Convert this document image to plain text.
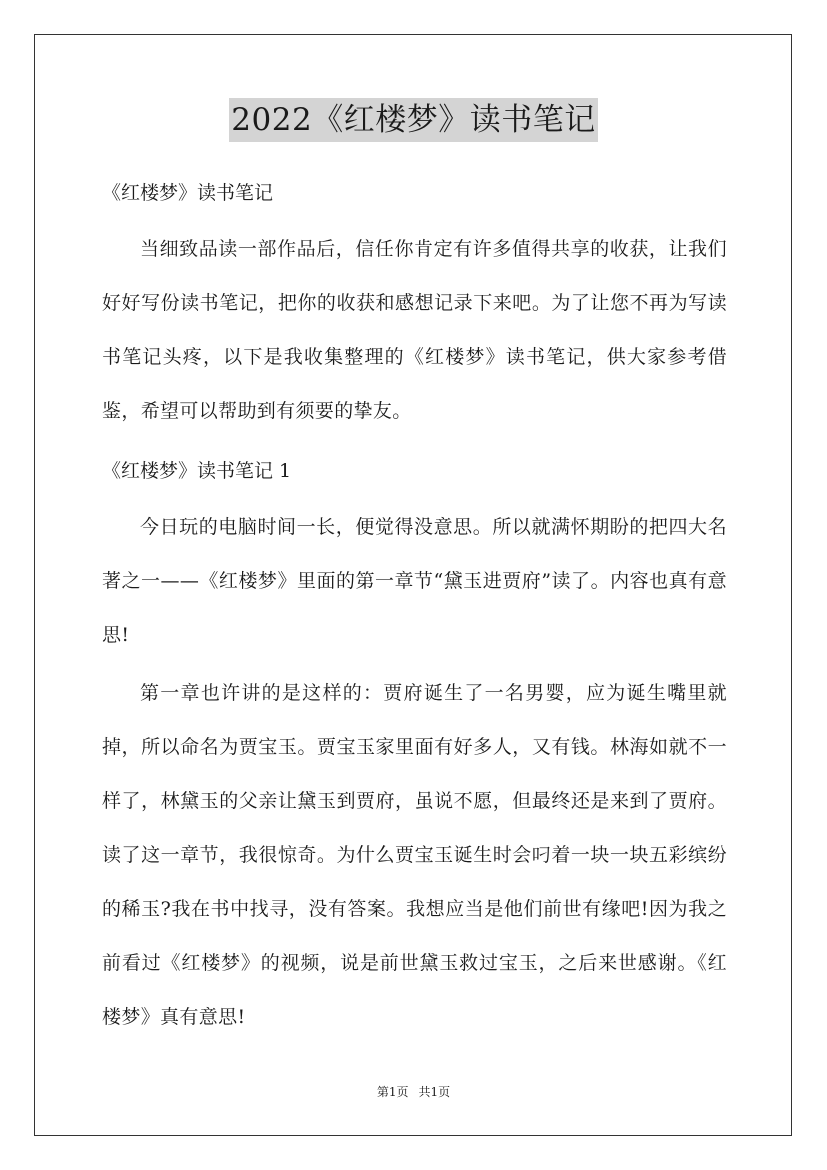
2022《红楼梦》读书笔记

《红楼梦》读书笔记

当细致品读一部作品后，信任你肯定有许多值得共享的收获，让我们好好写份读书笔记，把你的收获和感想记录下来吧。为了让您不再为写读书笔记头疼，以下是我收集整理的《红楼梦》读书笔记，供大家参考借鉴，希望可以帮助到有须要的挚友。

《红楼梦》读书笔记 1

今日玩的电脑时间一长，便觉得没意思。所以就满怀期盼的把四大名著之一——《红楼梦》里面的第一章节“黛玉进贾府”读了。内容也真有意思!

第一章也许讲的是这样的：贾府诞生了一名男婴，应为诞生嘴里就掉，所以命名为贾宝玉。贾宝玉家里面有好多人，又有钱。林海如就不一样了，林黛玉的父亲让黛玉到贾府，虽说不愿，但最终还是来到了贾府。读了这一章节，我很惊奇。为什么贾宝玉诞生时会叼着一块一块五彩缤纷的稀玉?我在书中找寻，没有答案。我想应当是他们前世有缘吧!因为我之前看过《红楼梦》的视频，说是前世黛玉救过宝玉，之后来世感谢。《红楼梦》真有意思!

第1页 共1页
